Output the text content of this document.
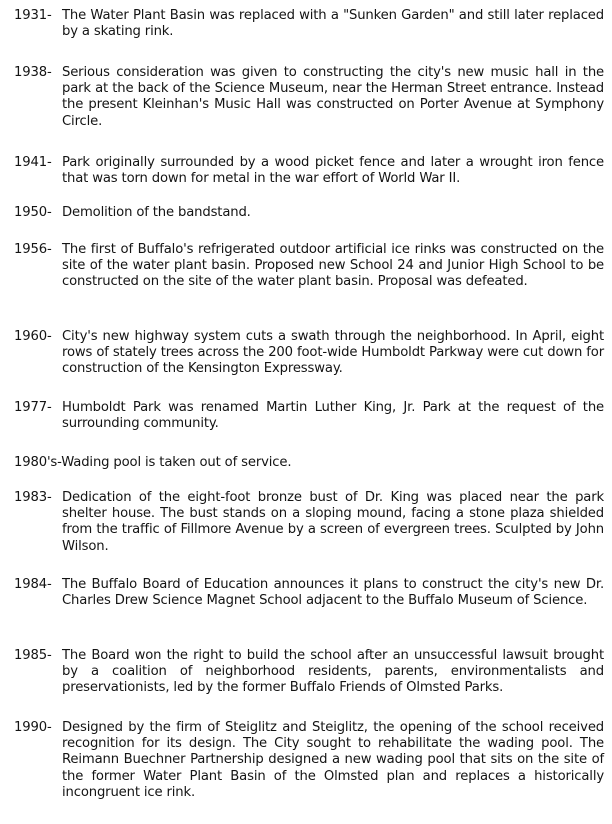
1931- The Water Plant Basin was replaced with a "Sunken Garden" and still later replaced by a skating rink.
1938- Serious consideration was given to constructing the city's new music hall in the park at the back of the Science Museum, near the Herman Street entrance. Instead the present Kleinhan's Music Hall was constructed on Porter Avenue at Symphony Circle.
1941- Park originally surrounded by a wood picket fence and later a wrought iron fence that was torn down for metal in the war effort of World War II.
1950- Demolition of the bandstand.
1956- The first of Buffalo's refrigerated outdoor artificial ice rinks was constructed on the site of the water plant basin. Proposed new School 24 and Junior High School to be constructed on the site of the water plant basin. Proposal was defeated.
1960- City's new highway system cuts a swath through the neighborhood. In April, eight rows of stately trees across the 200 foot-wide Humboldt Parkway were cut down for construction of the Kensington Expressway.
1977- Humboldt Park was renamed Martin Luther King, Jr. Park at the request of the surrounding community.
1980's-Wading pool is taken out of service.
1983- Dedication of the eight-foot bronze bust of Dr. King was placed near the park shelter house. The bust stands on a sloping mound, facing a stone plaza shielded from the traffic of Fillmore Avenue by a screen of evergreen trees. Sculpted by John Wilson.
1984- The Buffalo Board of Education announces it plans to construct the city's new Dr. Charles Drew Science Magnet School adjacent to the Buffalo Museum of Science.
1985- The Board won the right to build the school after an unsuccessful lawsuit brought by a coalition of neighborhood residents, parents, environmentalists and preservationists, led by the former Buffalo Friends of Olmsted Parks.
1990- Designed by the firm of Steiglitz and Steiglitz, the opening of the school received recognition for its design. The City sought to rehabilitate the wading pool. The Reimann Buechner Partnership designed a new wading pool that sits on the site of the former Water Plant Basin of the Olmsted plan and replaces a historically incongruent ice rink.
